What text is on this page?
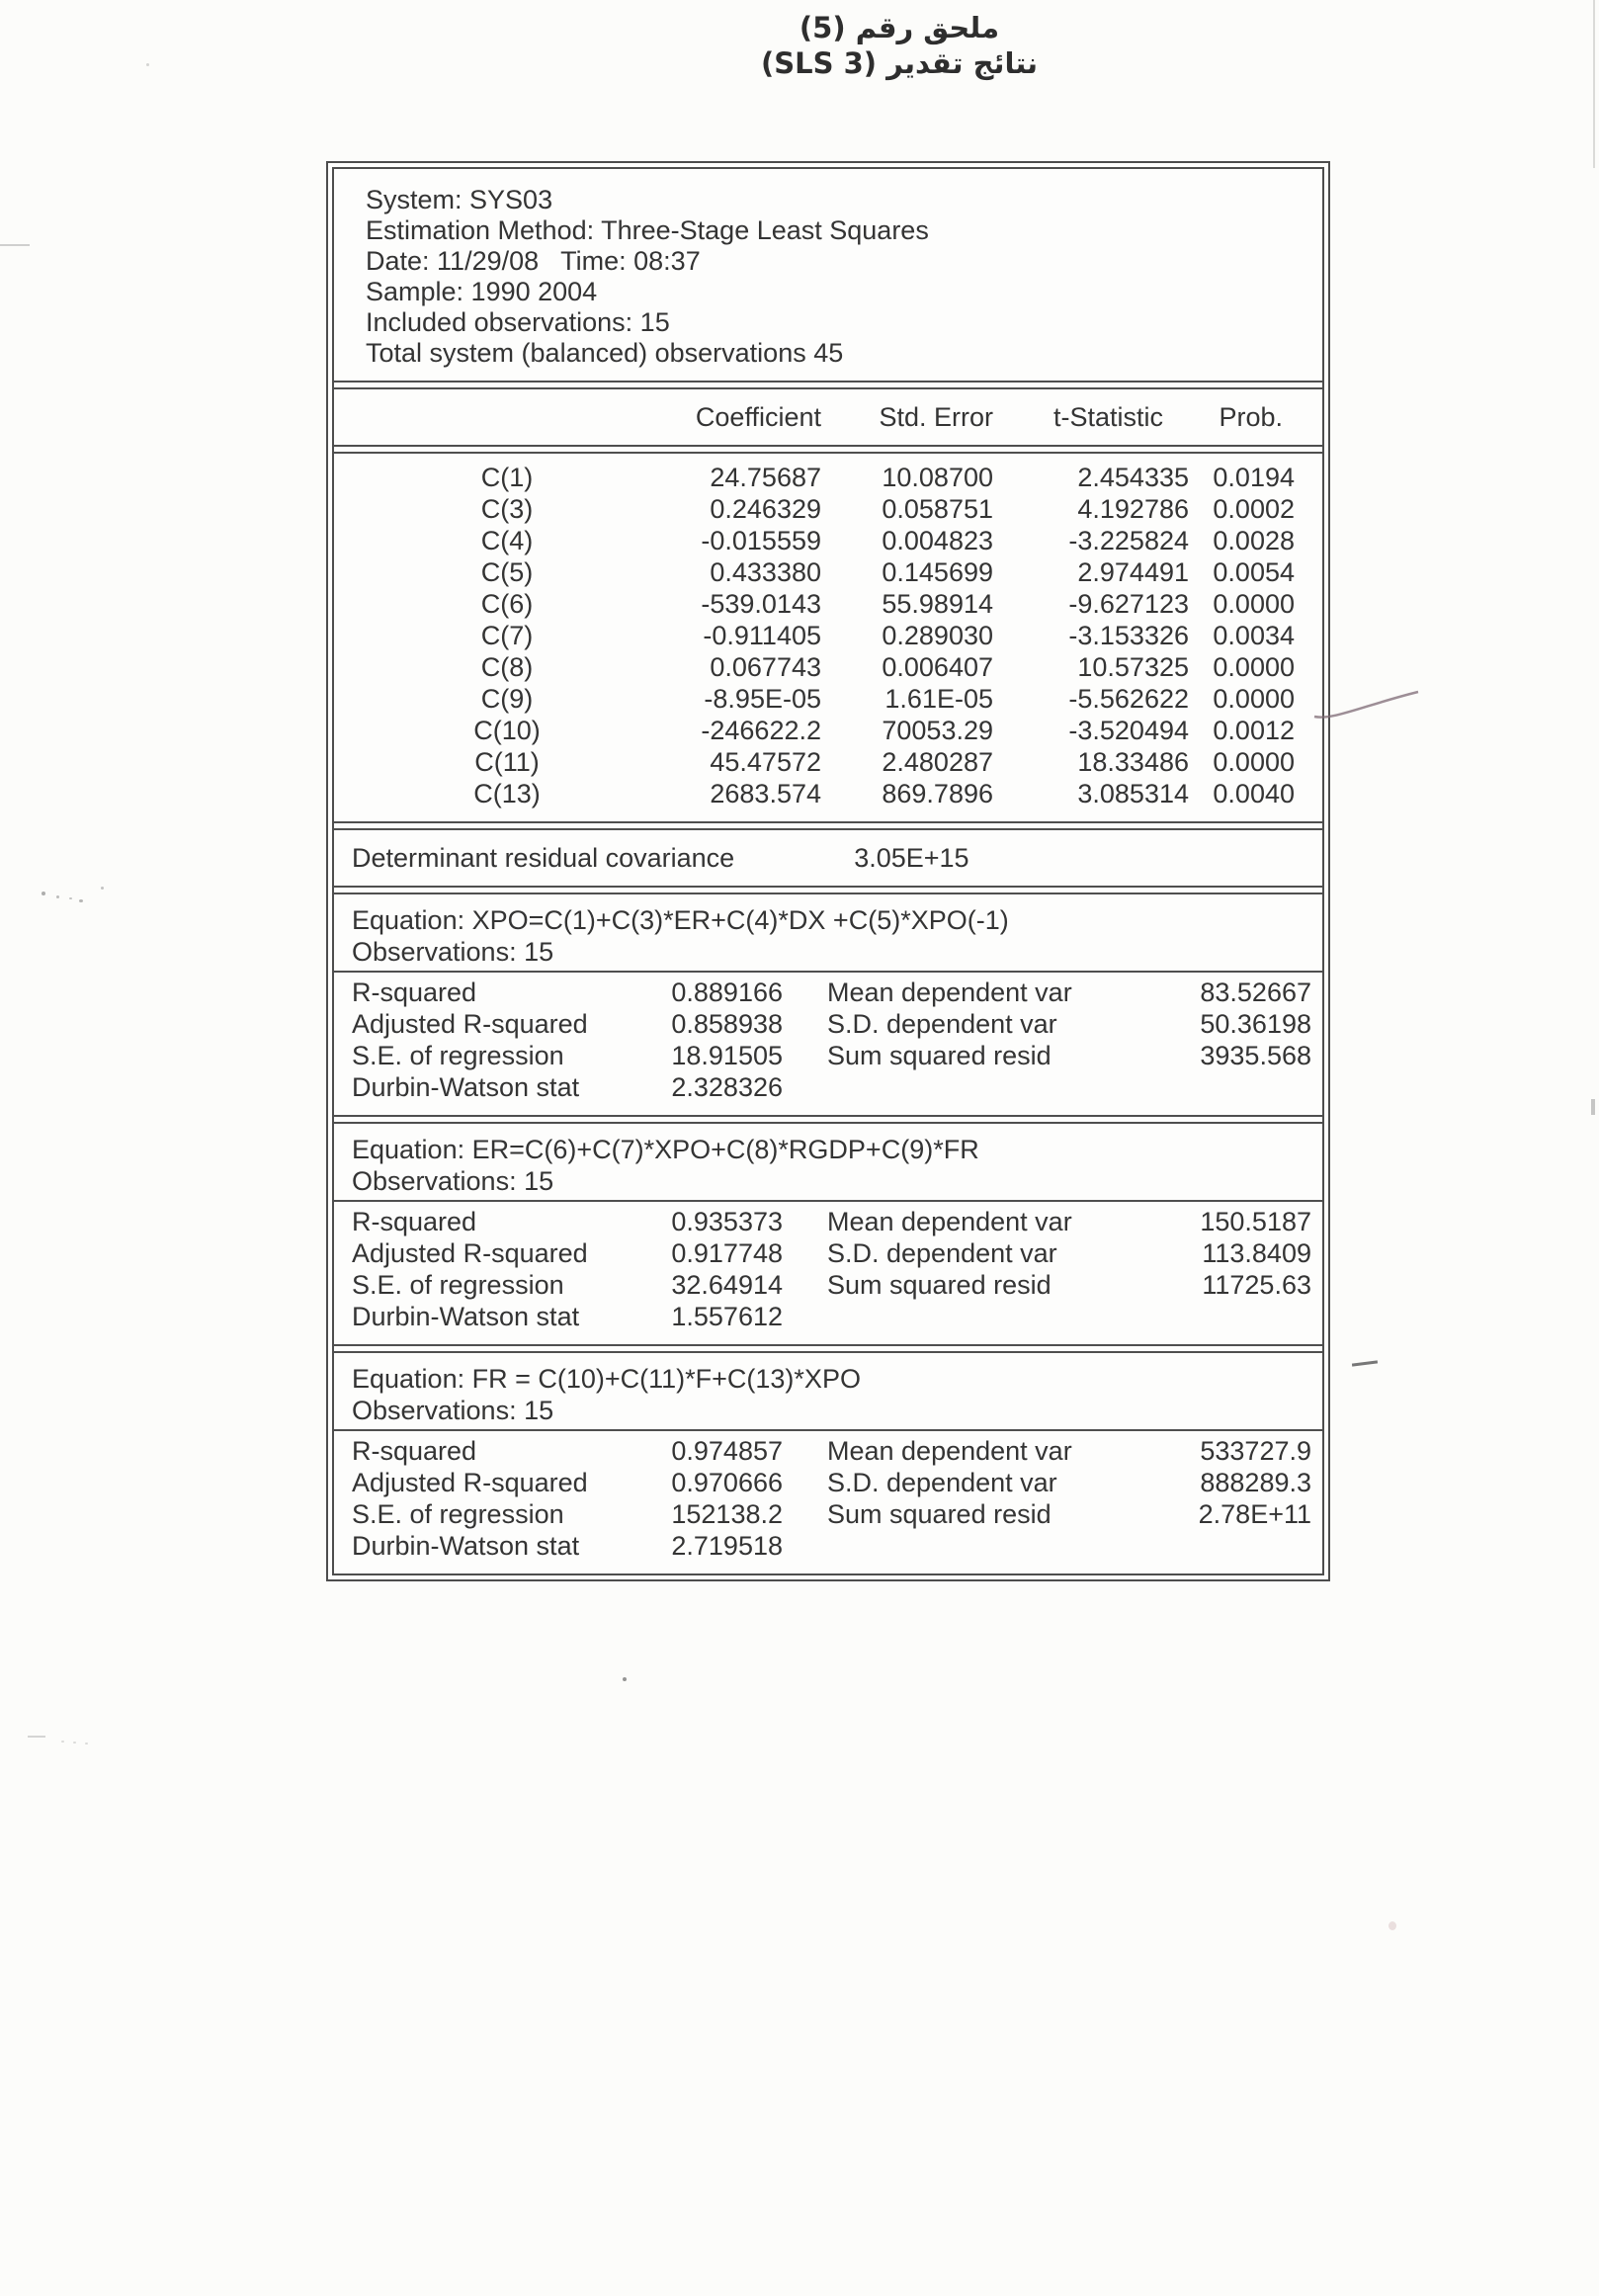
ملحق رقم (5)
نتائج تقدير (3 SLS)
System: SYS03
Estimation Method: Three-Stage Least Squares
Date: 11/29/08   Time: 08:37
Sample: 1990 2004
Included observations: 15
Total system (balanced) observations 45
Coefficient	Std. Error	t-Statistic	Prob.
C(1)	24.75687	10.08700	2.454335 0.0194
C(3)	0.246329	0.058751	4.192786 0.0002
C(4)	-0.015559	0.004823	-3.225824 0.0028
C(5)	0.433380	0.145699	2.974491 0.0054
C(6)	-539.0143	55.98914	-9.627123 0.0000
C(7)	-0.911405	0.289030	-3.153326 0.0034
C(8)	0.067743	0.006407	10.57325 0.0000
C(9)	-8.95E-05	1.61E-05	-5.562622 0.0000
C(10)	-246622.2	70053.29	-3.520494 0.0012
C(11)	45.47572	2.480287	18.33486 0.0000
C(13)	2683.574	869.7896	3.085314 0.0040
Determinant residual covariance	3.05E+15
Equation: XPO=C(1)+C(3)*ER+C(4)*DX +C(5)*XPO(-1)
Observations: 15
R-squared	0.889166 Mean dependent var	83.52667
Adjusted R-squared	0.858938 S.D. dependent var	50.36198
S.E. of regression	18.91505 Sum squared resid	3935.568
Durbin-Watson stat	2.328326
Equation: ER=C(6)+C(7)*XPO+C(8)*RGDP+C(9)*FR
Observations: 15
R-squared	0.935373 Mean dependent var	150.5187
Adjusted R-squared	0.917748 S.D. dependent var	113.8409
S.E. of regression	32.64914 Sum squared resid	11725.63
Durbin-Watson stat	1.557612
Equation: FR = C(10)+C(11)*F+C(13)*XPO
Observations: 15
R-squared	0.974857 Mean dependent var	533727.9
Adjusted R-squared	0.970666 S.D. dependent var	888289.3
S.E. of regression	152138.2 Sum squared resid	2.78E+11
Durbin-Watson stat	2.719518
